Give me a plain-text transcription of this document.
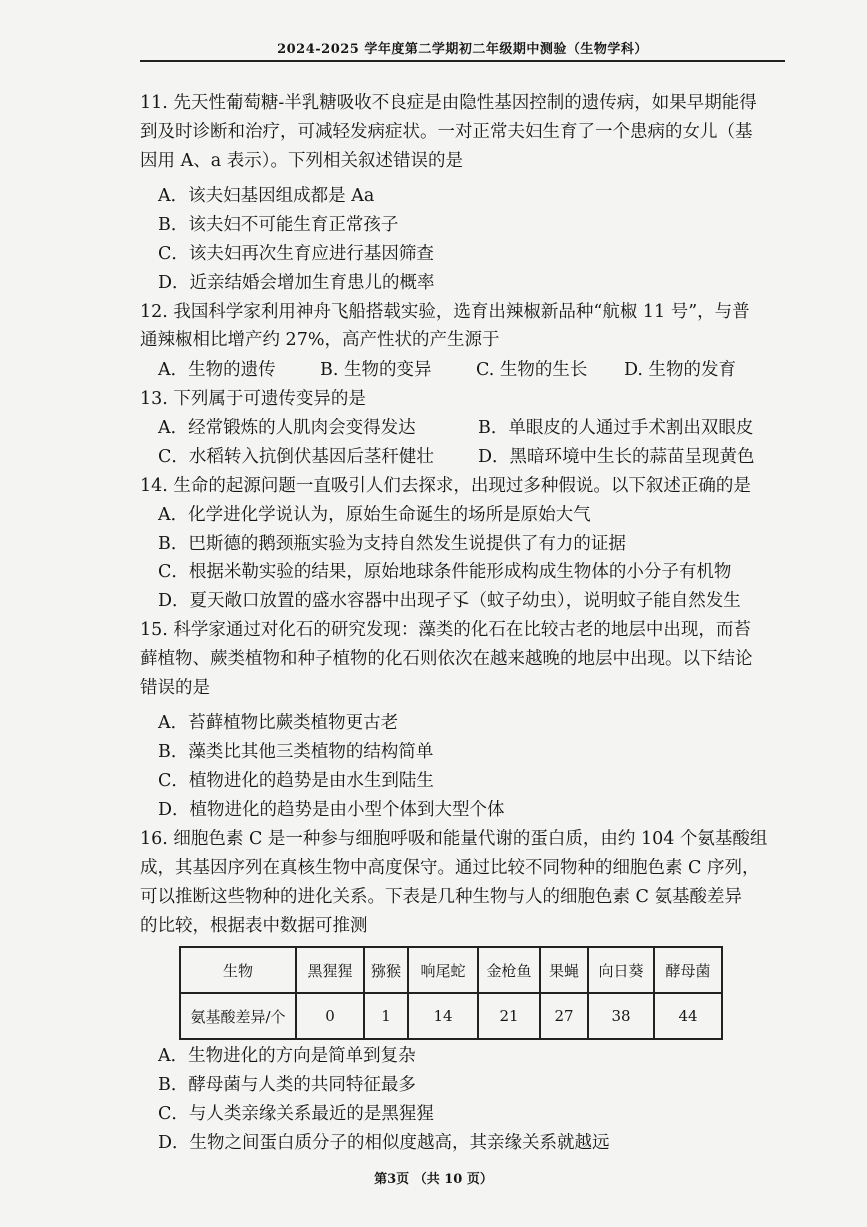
2024-2025 学年度第二学期初二年级期中测验（生物学科）
11. 先天性葡萄糖-半乳糖吸收不良症是由隐性基因控制的遗传病，如果早期能得
到及时诊断和治疗，可减轻发病症状。一对正常夫妇生育了一个患病的女儿（基
因用 A、a 表示）。下列相关叙述错误的是
A．该夫妇基因组成都是 Aa
B．该夫妇不可能生育正常孩子
C．该夫妇再次生育应进行基因筛查
D．近亲结婚会增加生育患儿的概率
12. 我国科学家利用神舟飞船搭载实验，选育出辣椒新品种“航椒 11 号”，与普
通辣椒相比增产约 27%，高产性状的产生源于
A．生物的遗传	B. 生物的变异	C. 生物的生长 D. 生物的发育
13. 下列属于可遗传变异的是
A．经常锻炼的人肌肉会变得发达	B．单眼皮的人通过手术割出双眼皮
C．水稻转入抗倒伏基因后茎秆健壮	D．黑暗环境中生长的蒜苗呈现黄色
14. 生命的起源问题一直吸引人们去探求，出现过多种假说。以下叙述正确的是
A．化学进化学说认为，原始生命诞生的场所是原始大气
B．巴斯德的鹅颈瓶实验为支持自然发生说提供了有力的证据
C．根据米勒实验的结果，原始地球条件能形成构成生物体的小分子有机物
D．夏天敞口放置的盛水容器中出现孑孓（蚊子幼虫），说明蚊子能自然发生
15. 科学家通过对化石的研究发现：藻类的化石在比较古老的地层中出现，而苔
藓植物、蕨类植物和种子植物的化石则依次在越来越晚的地层中出现。以下结论
错误的是
A．苔藓植物比蕨类植物更古老
B．藻类比其他三类植物的结构简单
C．植物进化的趋势是由水生到陆生
D．植物进化的趋势是由小型个体到大型个体
16. 细胞色素 C 是一种参与细胞呼吸和能量代谢的蛋白质，由约 104 个氨基酸组
成，其基因序列在真核生物中高度保守。通过比较不同物种的细胞色素 C 序列，
可以推断这些物种的进化关系。下表是几种生物与人的细胞色素 C 氨基酸差异
的比较，根据表中数据可推测
生物	黑猩猩	猕猴	响尾蛇	金枪鱼	果蝇	向日葵	酵母菌
氨基酸差异/个	0	1	14	21	27	38	44
A．生物进化的方向是简单到复杂
B．酵母菌与人类的共同特征最多
C．与人类亲缘关系最近的是黑猩猩
D．生物之间蛋白质分子的相似度越高，其亲缘关系就越远
第3页 （共 10 页）
